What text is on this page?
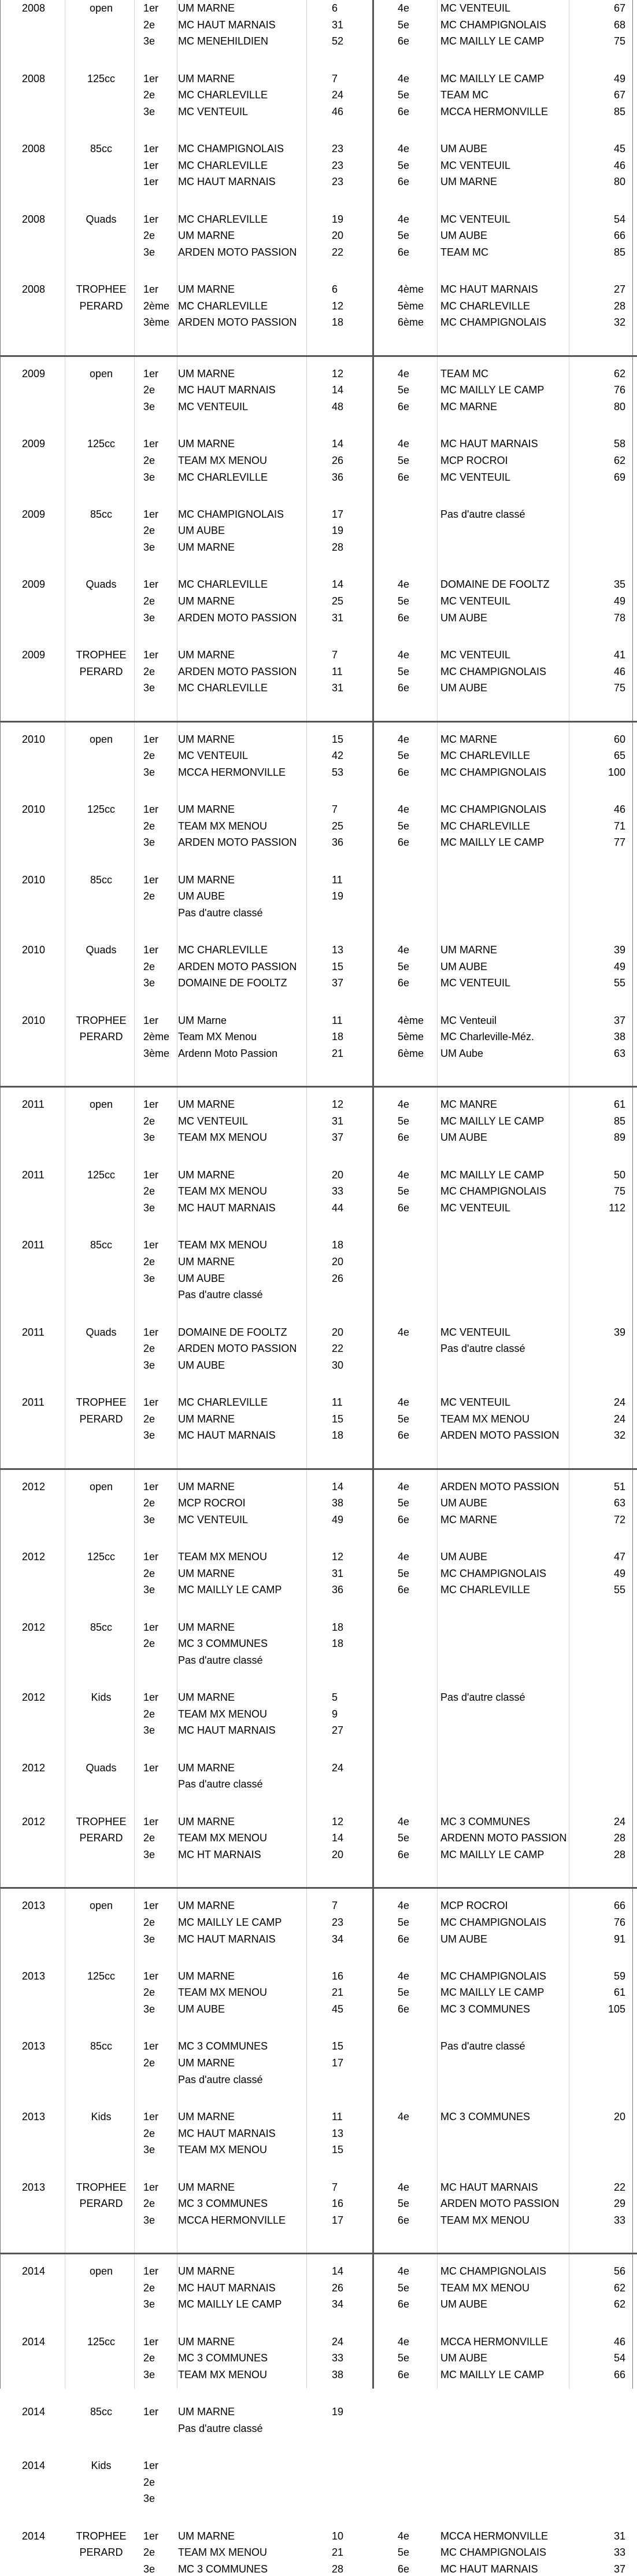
2008	open	1er	UM MARNE	6	4e	MC VENTEUIL	67
2e	MC HAUT MARNAIS	31	5e	MC CHAMPIGNOLAIS	68
3e	MC MENEHILDIEN	52	6e	MC MAILLY LE CAMP	75
2008	125cc	1er	UM MARNE	7	4e	MC MAILLY LE CAMP	49
2e	MC CHARLEVILLE	24	5e	TEAM MC	67
3e	MC VENTEUIL	46	6e	MCCA HERMONVILLE	85
2008	85cc	1er	MC CHAMPIGNOLAIS	23	4e	UM AUBE	45
1er	MC CHARLEVILLE	23	5e	MC VENTEUIL	46
1er	MC HAUT MARNAIS	23	6e	UM MARNE	80
2008	Quads	1er	MC CHARLEVILLE	19	4e	MC VENTEUIL	54
2e	UM MARNE	20	5e	UM AUBE	66
3e	ARDEN MOTO PASSION	22	6e	TEAM MC	85
2008	TROPHEE
PERARD
1er	UM MARNE	6	4ème	MC HAUT MARNAIS	27
2ème MC CHARLEVILLE	12	5ème	MC CHARLEVILLE	28
3ème ARDEN MOTO PASSION	18	6ème	MC CHAMPIGNOLAIS	32
2009	open	1er	UM MARNE	12	4e	TEAM MC	62
2e	MC HAUT MARNAIS	14	5e	MC MAILLY LE CAMP	76
3e	MC VENTEUIL	48	6e	MC MARNE	80
2009	125cc	1er	UM MARNE	14	4e	MC HAUT MARNAIS	58
2e	TEAM MX MENOU	26	5e	MCP ROCROI	62
3e	MC CHARLEVILLE	36	6e	MC VENTEUIL	69
2009	85cc	1er	MC CHAMPIGNOLAIS	17	Pas d'autre classé
2e	UM AUBE	19
3e	UM MARNE	28
2009	Quads	1er	MC CHARLEVILLE	14	4e	DOMAINE DE FOOLTZ	35
2e	UM MARNE	25	5e	MC VENTEUIL	49
3e	ARDEN MOTO PASSION	31	6e	UM AUBE	78
2009	TROPHEE
PERARD
1er	UM MARNE	7	4e	MC VENTEUIL	41
2e	ARDEN MOTO PASSION	11	5e	MC CHAMPIGNOLAIS	46
3e	MC CHARLEVILLE	31	6e	UM AUBE	75
2010	open	1er	UM MARNE	15	4e	MC MARNE	60
2e	MC VENTEUIL	42	5e	MC CHARLEVILLE	65
3e	MCCA HERMONVILLE	53	6e	MC CHAMPIGNOLAIS	100
2010	125cc	1er	UM MARNE	7	4e	MC CHAMPIGNOLAIS	46
2e	TEAM MX MENOU	25	5e	MC CHARLEVILLE	71
3e	ARDEN MOTO PASSION	36	6e	MC MAILLY LE CAMP	77
2010	85cc	1er	UM MARNE	11
2e	UM AUBE	19
Pas d'autre classé
2010	Quads	1er	MC CHARLEVILLE	13	4e	UM MARNE	39
2e	ARDEN MOTO PASSION	15	5e	UM AUBE	49
3e	DOMAINE DE FOOLTZ	37	6e	MC VENTEUIL	55
2010	TROPHEE
PERARD
1er	UM Marne	11	4ème	MC Venteuil	37
2ème Team MX Menou	18	5ème	MC Charleville-Méz.	38
3ème Ardenn Moto Passion	21	6ème	UM Aube	63
2011	open	1er	UM MARNE	12	4e	MC MANRE	61
2e	MC VENTEUIL	31	5e	MC MAILLY LE CAMP	85
3e	TEAM MX MENOU	37	6e	UM AUBE	89
2011	125cc	1er	UM MARNE	20	4e	MC MAILLY LE CAMP	50
2e	TEAM MX MENOU	33	5e	MC CHAMPIGNOLAIS	75
3e	MC HAUT MARNAIS	44	6e	MC VENTEUIL	112
2011	85cc	1er	TEAM MX MENOU	18
2e	UM MARNE	20
3e	UM AUBE	26
Pas d'autre classé
2011	Quads	1er	DOMAINE DE FOOLTZ	20	4e	MC VENTEUIL	39
2e	ARDEN MOTO PASSION	22	Pas d'autre classé
3e	UM AUBE	30
2011	TROPHEE
PERARD
1er	MC CHARLEVILLE	11	4e	MC VENTEUIL	24
2e	UM MARNE	15	5e	TEAM MX MENOU	24
3e	MC HAUT MARNAIS	18	6e	ARDEN MOTO PASSION	32
2012	open	1er	UM MARNE	14	4e	ARDEN MOTO PASSION	51
2e	MCP ROCROI	38	5e	UM AUBE	63
3e	MC VENTEUIL	49	6e	MC MARNE	72
2012	125cc	1er	TEAM MX MENOU	12	4e	UM AUBE	47
2e	UM MARNE	31	5e	MC CHAMPIGNOLAIS	49
3e	MC MAILLY LE CAMP	36	6e	MC CHARLEVILLE	55
2012	85cc	1er	UM MARNE	18
2e	MC 3 COMMUNES	18
Pas d'autre classé
2012	Kids	1er	UM MARNE	5	Pas d'autre classé
2e	TEAM MX MENOU	9
3e	MC HAUT MARNAIS	27
2012	Quads	1er	UM MARNE	24
Pas d'autre classé
2012	TROPHEE
PERARD
1er	UM MARNE	12	4e	MC 3 COMMUNES	24
2e	TEAM MX MENOU	14	5e	ARDENN MOTO PASSION	28
3e	MC HT MARNAIS	20	6e	MC MAILLY LE CAMP	28
2013	open	1er	UM MARNE	7	4e	MCP ROCROI	66
2e	MC MAILLY LE CAMP	23	5e	MC CHAMPIGNOLAIS	76
3e	MC HAUT MARNAIS	34	6e	UM AUBE	91
2013	125cc	1er	UM MARNE	16	4e	MC CHAMPIGNOLAIS	59
2e	TEAM MX MENOU	21	5e	MC MAILLY LE CAMP	61
3e	UM AUBE	45	6e	MC 3 COMMUNES	105
2013	85cc	1er	MC 3 COMMUNES	15	Pas d'autre classé
2e	UM MARNE	17
Pas d'autre classé
2013	Kids	1er	UM MARNE	11	4e	MC 3 COMMUNES	20
2e	MC HAUT MARNAIS	13
3e	TEAM MX MENOU	15
2013	TROPHEE
PERARD
1er	UM MARNE	7	4e	MC HAUT MARNAIS	22
2e	MC 3 COMMUNES	16	5e	ARDEN MOTO PASSION	29
3e	MCCA HERMONVILLE	17	6e	TEAM MX MENOU	33
2014	open	1er	UM MARNE	14	4e	MC CHAMPIGNOLAIS	56
2e	MC HAUT MARNAIS	26	5e	TEAM MX MENOU	62
3e	MC MAILLY LE CAMP	34	6e	UM AUBE	62
2014	125cc	1er	UM MARNE	24	4e	MCCA HERMONVILLE	46
2e	MC 3 COMMUNES	33	5e	UM AUBE	54
3e	TEAM MX MENOU	38	6e	MC MAILLY LE CAMP	66
2014	85cc	1er	UM MARNE	19
Pas d'autre classé
2014	Kids	1er
2e
3e
2014	TROPHEE
PERARD
1er	UM MARNE	10	4e	MCCA HERMONVILLE	31
2e	TEAM MX MENOU	21	5e	MC CHAMPIGNOLAIS	33
3e	MC 3 COMMUNES	28	6e	MC HAUT MARNAIS	37
